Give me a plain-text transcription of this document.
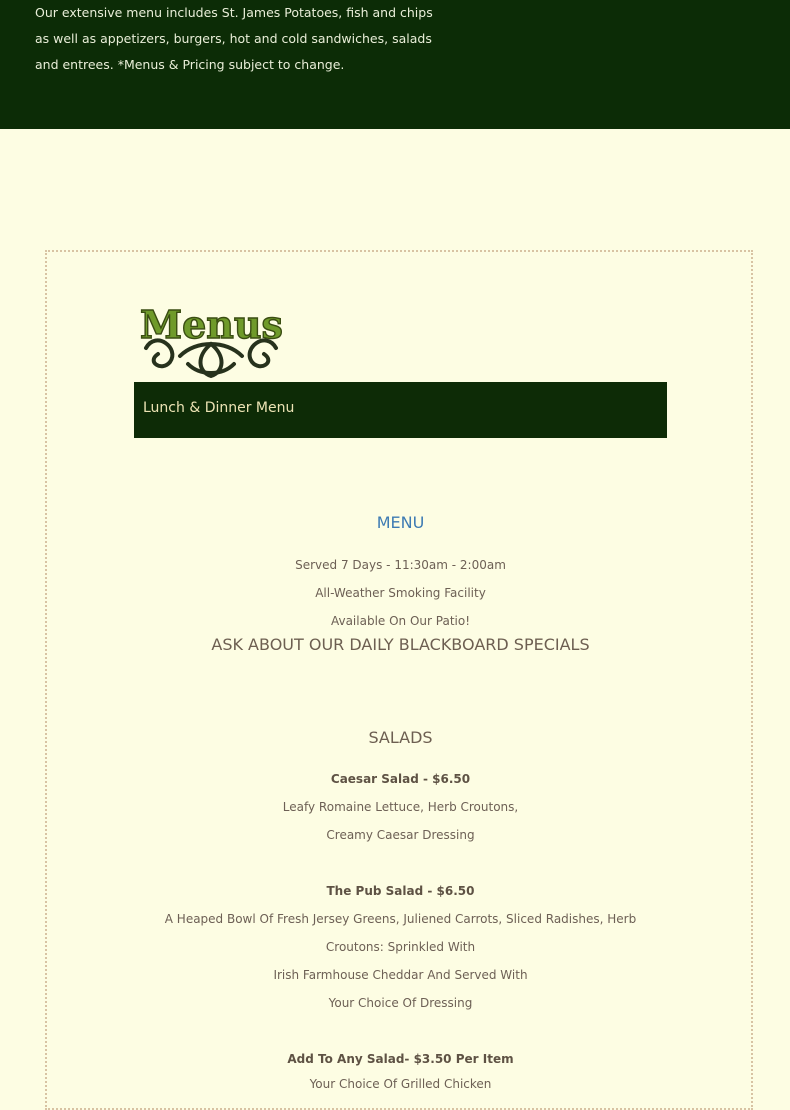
Our extensive menu includes St. James Potatoes, fish and chips as well as appetizers, burgers, hot and cold sandwiches, salads and entrees. *Menus & Pricing subject to change.

Menus
Lunch & Dinner Menu

MENU

Served 7 Days - 11:30am - 2:00am

All-Weather Smoking Facility

Available On Our Patio!

ASK ABOUT OUR DAILY BLACKBOARD SPECIALS

SALADS

Caesar Salad - $6.50

Leafy Romaine Lettuce, Herb Croutons,

Creamy Caesar Dressing

The Pub Salad - $6.50

A Heaped Bowl Of Fresh Jersey Greens, Juliened Carrots, Sliced Radishes, Herb

Croutons: Sprinkled With

Irish Farmhouse Cheddar And Served With

Your Choice Of Dressing

Add To Any Salad- $3.50 Per Item

Your Choice Of Grilled Chicken
